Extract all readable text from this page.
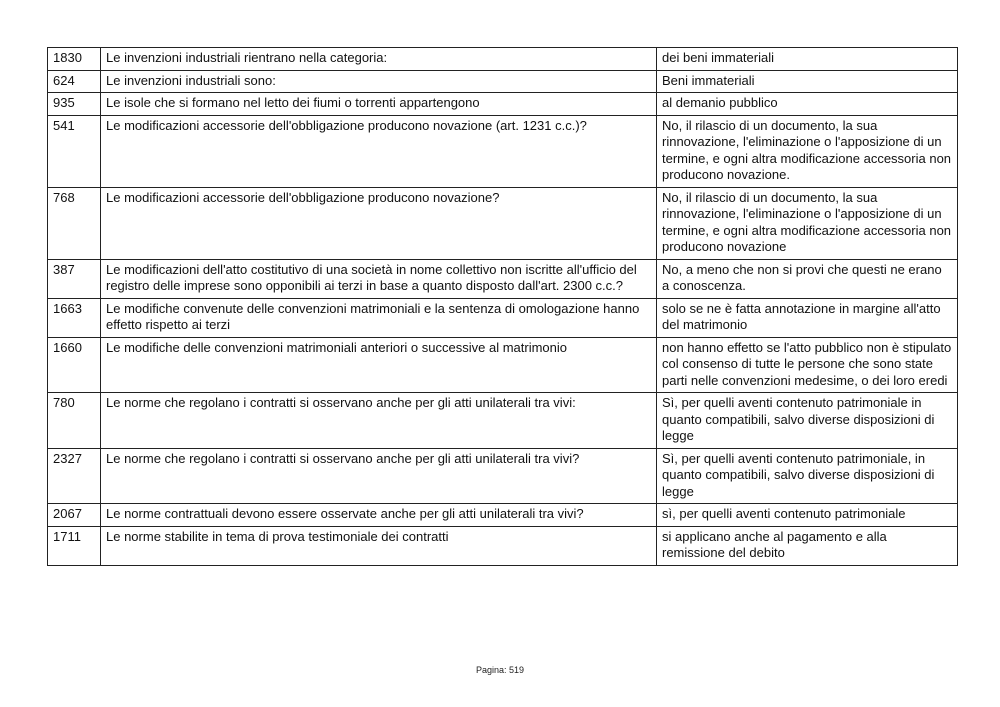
1830	Le invenzioni industriali rientrano nella categoria:	dei beni immateriali
624	Le invenzioni industriali sono:	Beni immateriali
935	Le isole che si formano nel letto dei fiumi o torrenti appartengono	al demanio pubblico
541	Le modificazioni accessorie dell'obbligazione producono novazione (art. 1231 c.c.)?	No, il rilascio di un documento, la sua rinnovazione, l'eliminazione o l'apposizione di un termine, e ogni altra modificazione accessoria non producono novazione.
768	Le modificazioni accessorie dell'obbligazione producono novazione?	No, il rilascio di un documento, la sua rinnovazione, l'eliminazione o l'apposizione di un termine, e ogni altra modificazione accessoria non producono novazione
387	Le modificazioni dell'atto costitutivo di una società in nome collettivo non iscritte all'ufficio del registro delle imprese sono opponibili ai terzi in base a quanto disposto dall'art. 2300 c.c.?	No, a meno che non si provi che questi ne erano a conoscenza.
1663	Le modifiche convenute delle convenzioni matrimoniali e la sentenza di omologazione hanno effetto rispetto ai terzi	solo se ne è fatta annotazione in margine all'atto del matrimonio
1660	Le modifiche delle convenzioni matrimoniali anteriori o successive al matrimonio	non hanno effetto se l'atto pubblico non è stipulato col consenso di tutte le persone che sono state parti nelle convenzioni medesime, o dei loro eredi
780	Le norme che regolano i contratti si osservano anche per gli atti unilaterali tra vivi:	Sì, per quelli aventi contenuto patrimoniale in quanto compatibili, salvo diverse disposizioni di legge
2327	Le norme che regolano i contratti si osservano anche per gli atti unilaterali tra vivi?	Sì, per quelli aventi contenuto patrimoniale, in quanto compatibili, salvo diverse disposizioni di legge
2067	Le norme contrattuali devono essere osservate anche per gli atti unilaterali tra vivi?	sì, per quelli aventi contenuto patrimoniale
1711	Le norme stabilite in tema di prova testimoniale dei contratti	si applicano anche al pagamento e alla remissione del debito
Pagina: 519
